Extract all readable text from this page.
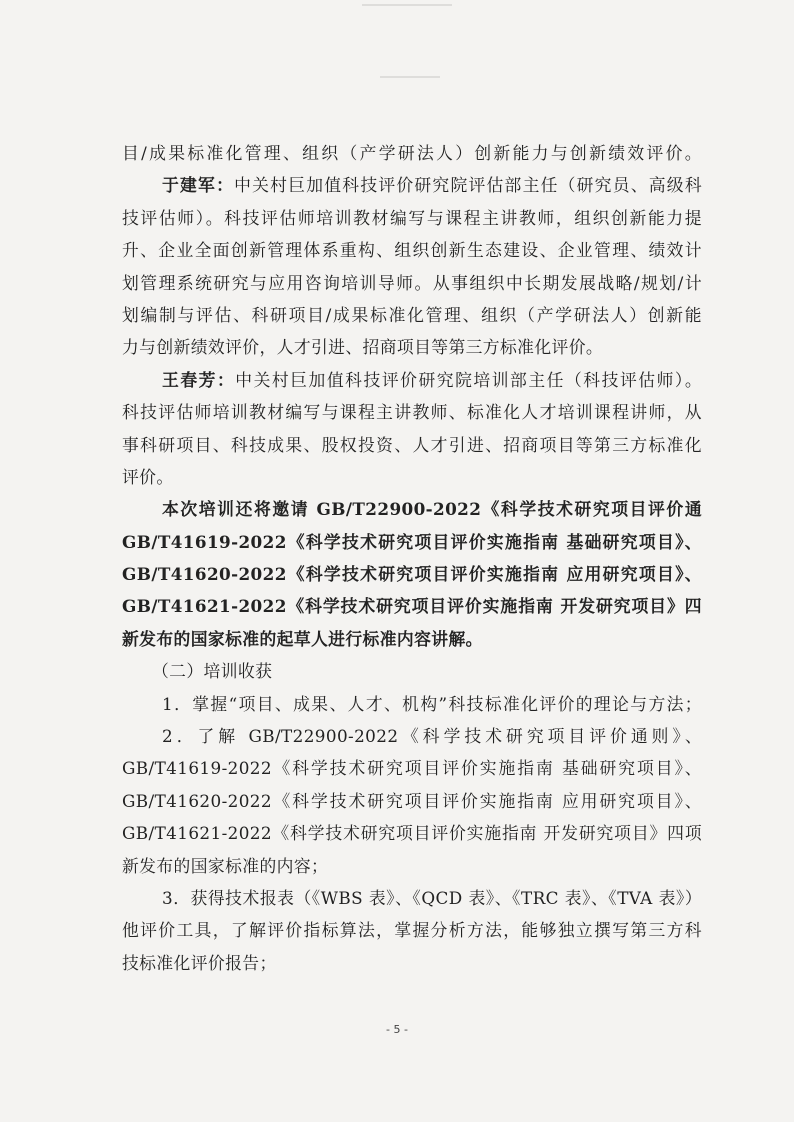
目/成果标准化管理、组织（产学研法人）创新能力与创新绩效评价。
于建军：中关村巨加值科技评价研究院评估部主任（研究员、高级科
技评估师）。科技评估师培训教材编写与课程主讲教师，组织创新能力提
升、企业全面创新管理体系重构、组织创新生态建设、企业管理、绩效计
划管理系统研究与应用咨询培训导师。从事组织中长期发展战略/规划/计
划编制与评估、科研项目/成果标准化管理、组织（产学研法人）创新能
力与创新绩效评价，人才引进、招商项目等第三方标准化评价。
王春芳：中关村巨加值科技评价研究院培训部主任（科技评估师）。
科技评估师培训教材编写与课程主讲教师、标准化人才培训课程讲师，从
事科研项目、科技成果、股权投资、人才引进、招商项目等第三方标准化
评价。
本次培训还将邀请 GB/T22900-2022《科学技术研究项目评价通
GB/T41619-2022《科学技术研究项目评价实施指南 基础研究项目》、
GB/T41620-2022《科学技术研究项目评价实施指南 应用研究项目》、
GB/T41621-2022《科学技术研究项目评价实施指南 开发研究项目》四
新发布的国家标准的起草人进行标准内容讲解。
（二）培训收获
1．掌握“项目、成果、人才、机构”科技标准化评价的理论与方法；
2．了解 GB/T22900-2022《科学技术研究项目评价通则》、
GB/T41619-2022《科学技术研究项目评价实施指南 基础研究项目》、
GB/T41620-2022《科学技术研究项目评价实施指南 应用研究项目》、
GB/T41621-2022《科学技术研究项目评价实施指南 开发研究项目》四项
新发布的国家标准的内容；
3．获得技术报表（《WBS 表》、《QCD 表》、《TRC 表》、《TVA 表》）
他评价工具，了解评价指标算法，掌握分析方法，能够独立撰写第三方科
技标准化评价报告；
- 5 -
